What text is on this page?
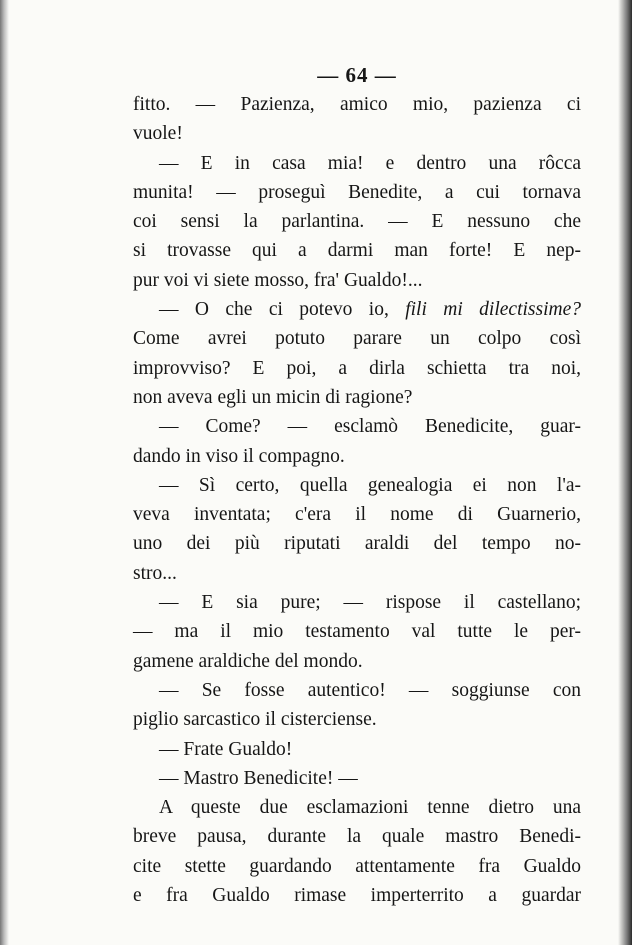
— 64 —
fitto. — Pazienza, amico mio, pazienza ci
vuole!
— E in casa mia! e dentro una rôcca
munita! — proseguì Benedite, a cui tornava
coi sensi la parlantina. — E nessuno che
si trovasse qui a darmi man forte! E nep-
pur voi vi siete mosso, fra' Gualdo!...
— O che ci potevo io, fili mi dilectissime?
Come avrei potuto parare un colpo così
improvviso? E poi, a dirla schietta tra noi,
non aveva egli un micin di ragione?
— Come? — esclamò Benedicite, guar-
dando in viso il compagno.
— Sì certo, quella genealogia ei non l'a-
veva inventata; c'era il nome di Guarnerio,
uno dei più riputati araldi del tempo no-
stro...
— E sia pure; — rispose il castellano;
— ma il mio testamento val tutte le per-
gamene araldiche del mondo.
— Se fosse autentico! — soggiunse con
piglio sarcastico il cisterciense.
— Frate Gualdo!
— Mastro Benedicite! —
A queste due esclamazioni tenne dietro una
breve pausa, durante la quale mastro Benedi-
cite stette guardando attentamente fra Gualdo
e fra Gualdo rimase imperterrito a guardar
